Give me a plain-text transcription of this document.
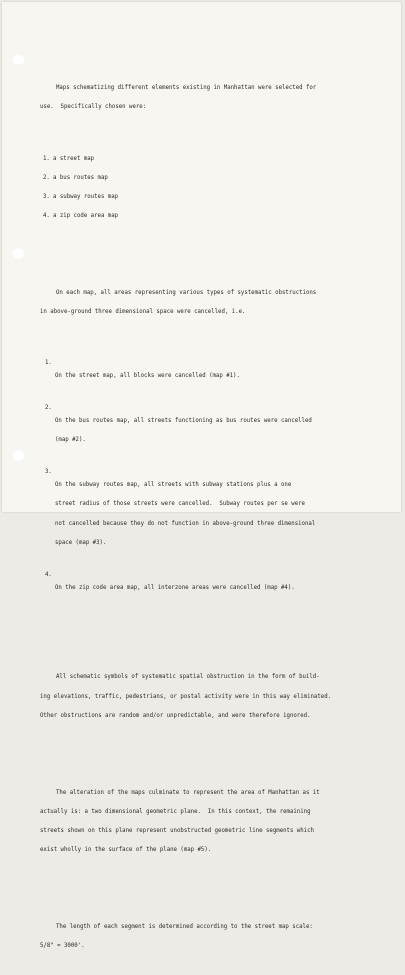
Maps schematizing different elements existing in Manhattan were selected for

use.  Specifically chosen were:

1. a street map

2. a bus routes map

3. a subway routes map

4. a zip code area map

On each map, all areas representing various types of systematic obstructions

in above-ground three dimensional space were cancelled, i.e.

1.

On the street map, all blocks were cancelled (map #1).

2.

On the bus routes map, all streets functioning as bus routes were cancelled

(map #2).

3.

On the subway routes map, all streets with subway stations plus a one

street radius of those streets were cancelled.  Subway routes per se were

not cancelled because they do not function in above-ground three dimensional

space (map #3).

4.

On the zip code area map, all interzone areas were cancelled (map #4).

All schematic symbols of systematic spatial obstruction in the form of build-

ing elevations, traffic, pedestrians, or postal activity were in this way eliminated.

Other obstructions are random and/or unpredictable, and were therefore ignored.

The alteration of the maps culminate to represent the area of Manhattan as it

actually is: a two dimensional geometric plane.  In this context, the remaining

streets shown on this plane represent unobstructed geometric line segments which

exist wholly in the surface of the plane (map #5).

The length of each segment is determined according to the street map scale:

5/8" = 3000'.
